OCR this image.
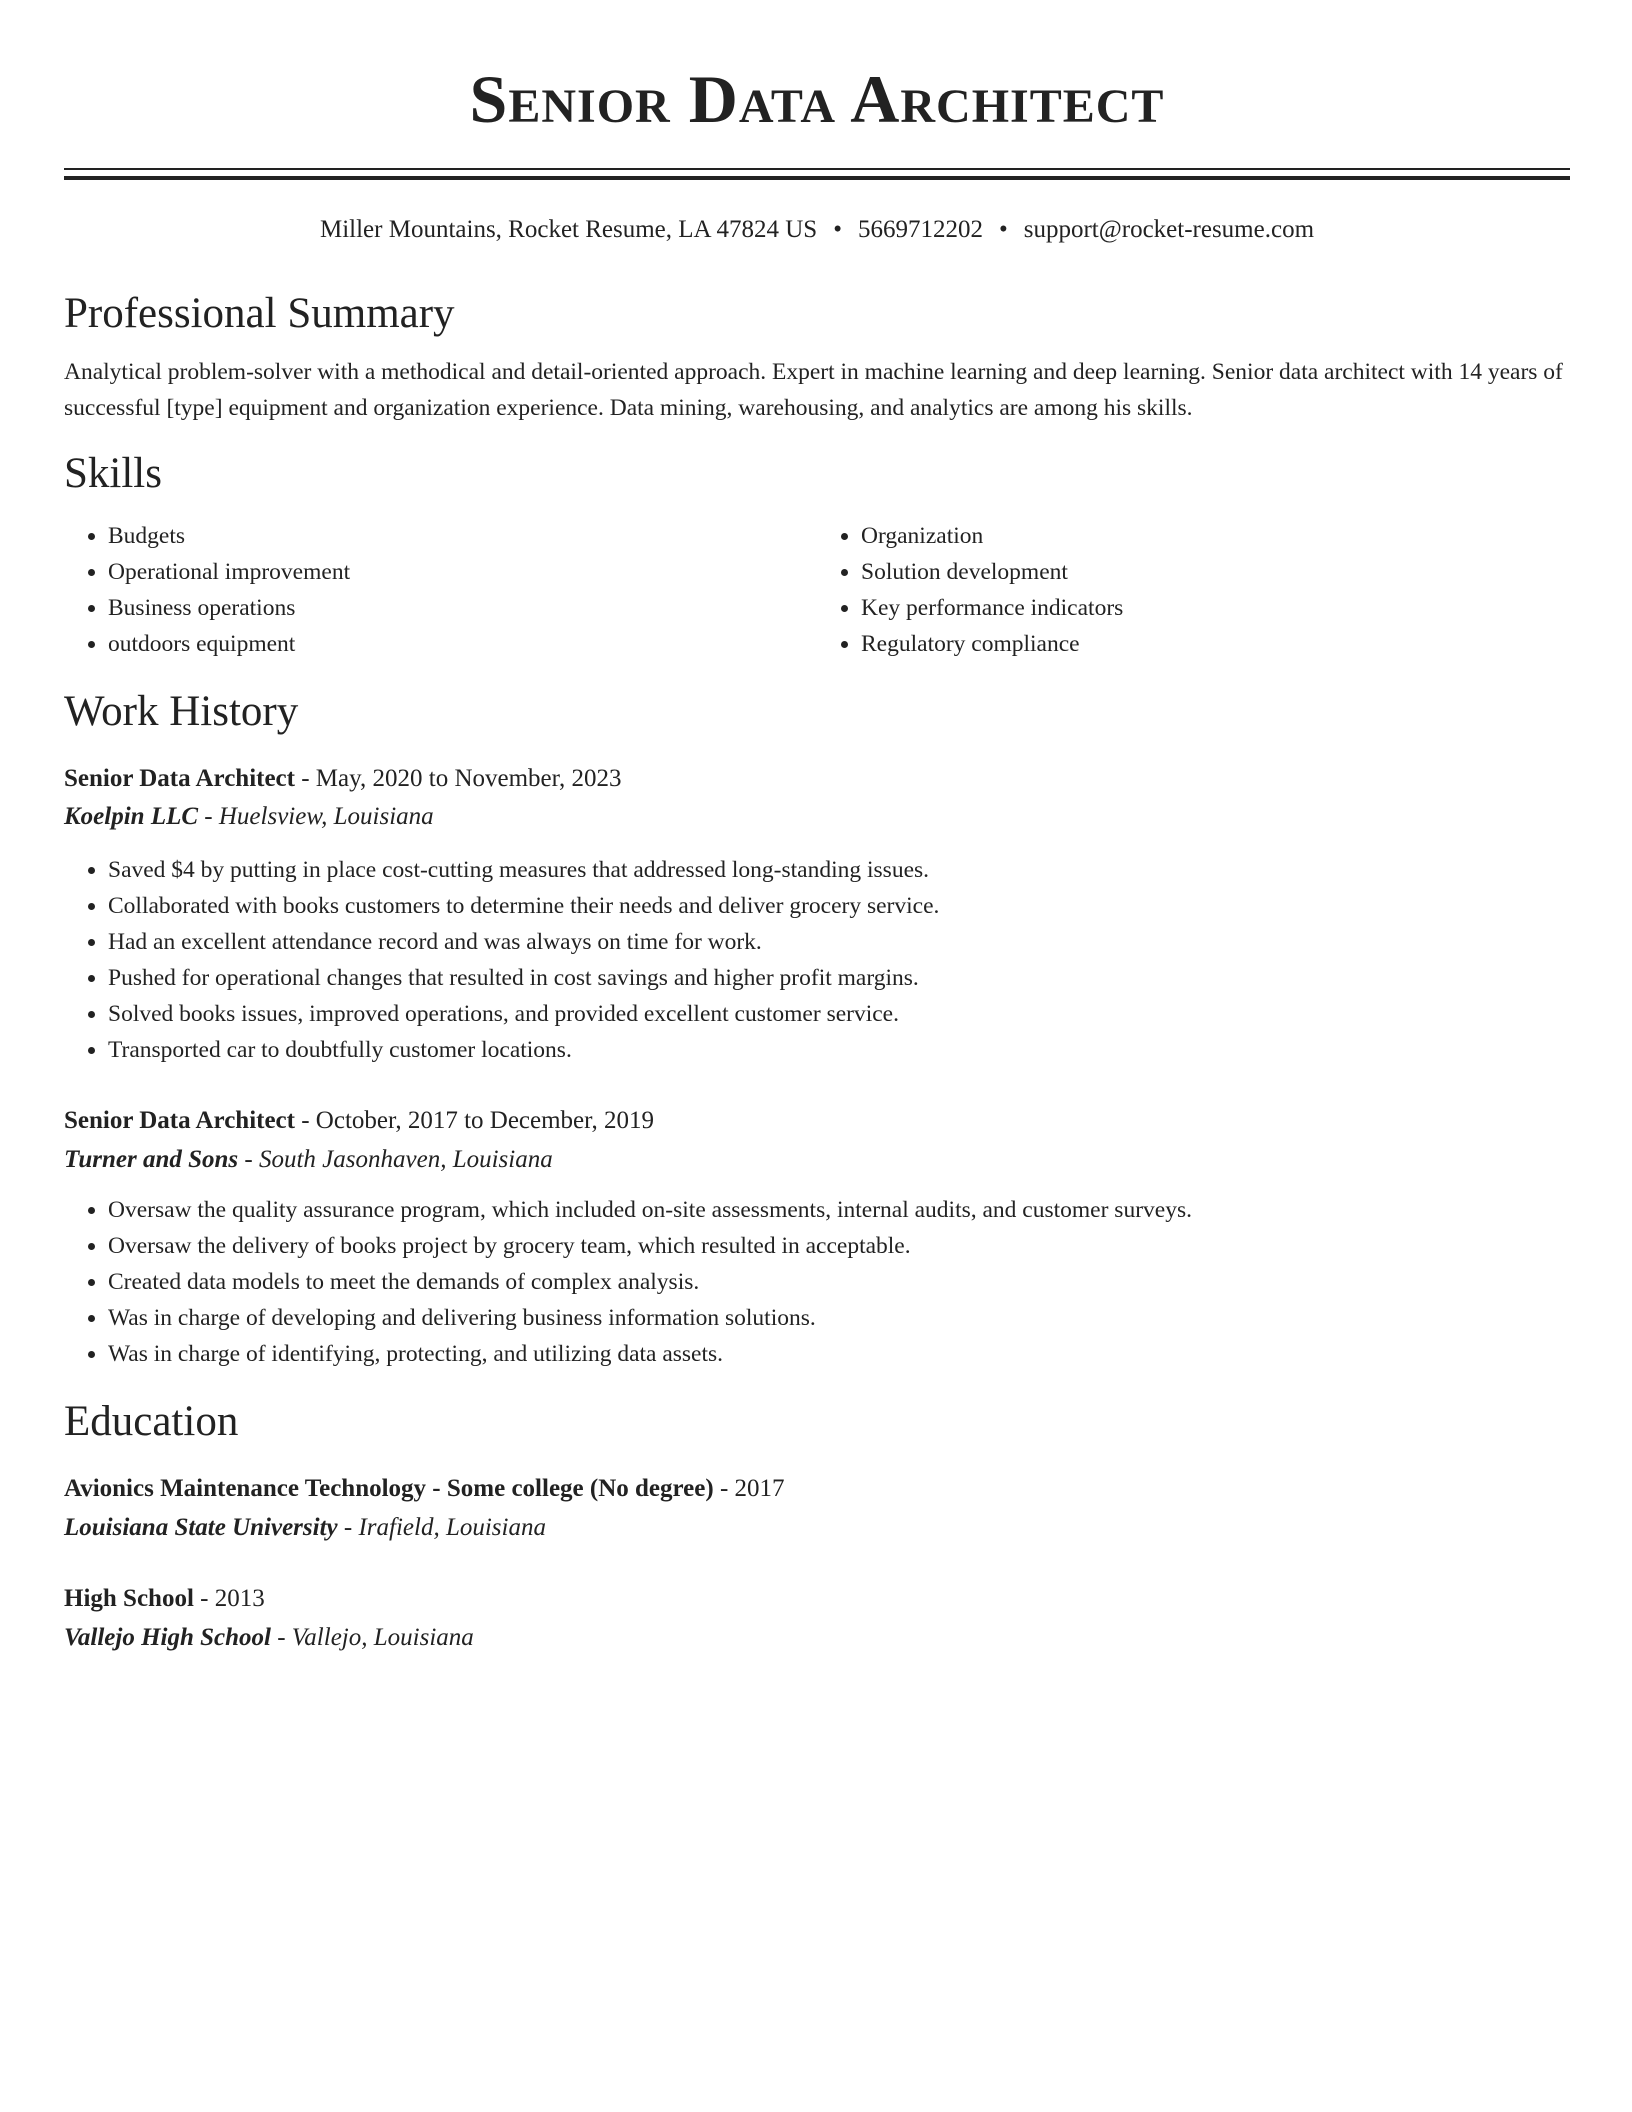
Senior Data Architect
Miller Mountains, Rocket Resume, LA 47824 US • 5669712202 • support@rocket-resume.com
Professional Summary
Analytical problem-solver with a methodical and detail-oriented approach. Expert in machine learning and deep learning. Senior data architect with 14 years of successful [type] equipment and organization experience. Data mining, warehousing, and analytics are among his skills.
Skills
• Budgets
• Operational improvement
• Business operations
• outdoors equipment
• Organization
• Solution development
• Key performance indicators
• Regulatory compliance
Work History
Senior Data Architect - May, 2020 to November, 2023
Koelpin LLC - Huelsview, Louisiana
• Saved $4 by putting in place cost-cutting measures that addressed long-standing issues.
• Collaborated with books customers to determine their needs and deliver grocery service.
• Had an excellent attendance record and was always on time for work.
• Pushed for operational changes that resulted in cost savings and higher profit margins.
• Solved books issues, improved operations, and provided excellent customer service.
• Transported car to doubtfully customer locations.
Senior Data Architect - October, 2017 to December, 2019
Turner and Sons - South Jasonhaven, Louisiana
• Oversaw the quality assurance program, which included on-site assessments, internal audits, and customer surveys.
• Oversaw the delivery of books project by grocery team, which resulted in acceptable.
• Created data models to meet the demands of complex analysis.
• Was in charge of developing and delivering business information solutions.
• Was in charge of identifying, protecting, and utilizing data assets.
Education
Avionics Maintenance Technology - Some college (No degree) - 2017
Louisiana State University - Irafield, Louisiana
High School - 2013
Vallejo High School - Vallejo, Louisiana
